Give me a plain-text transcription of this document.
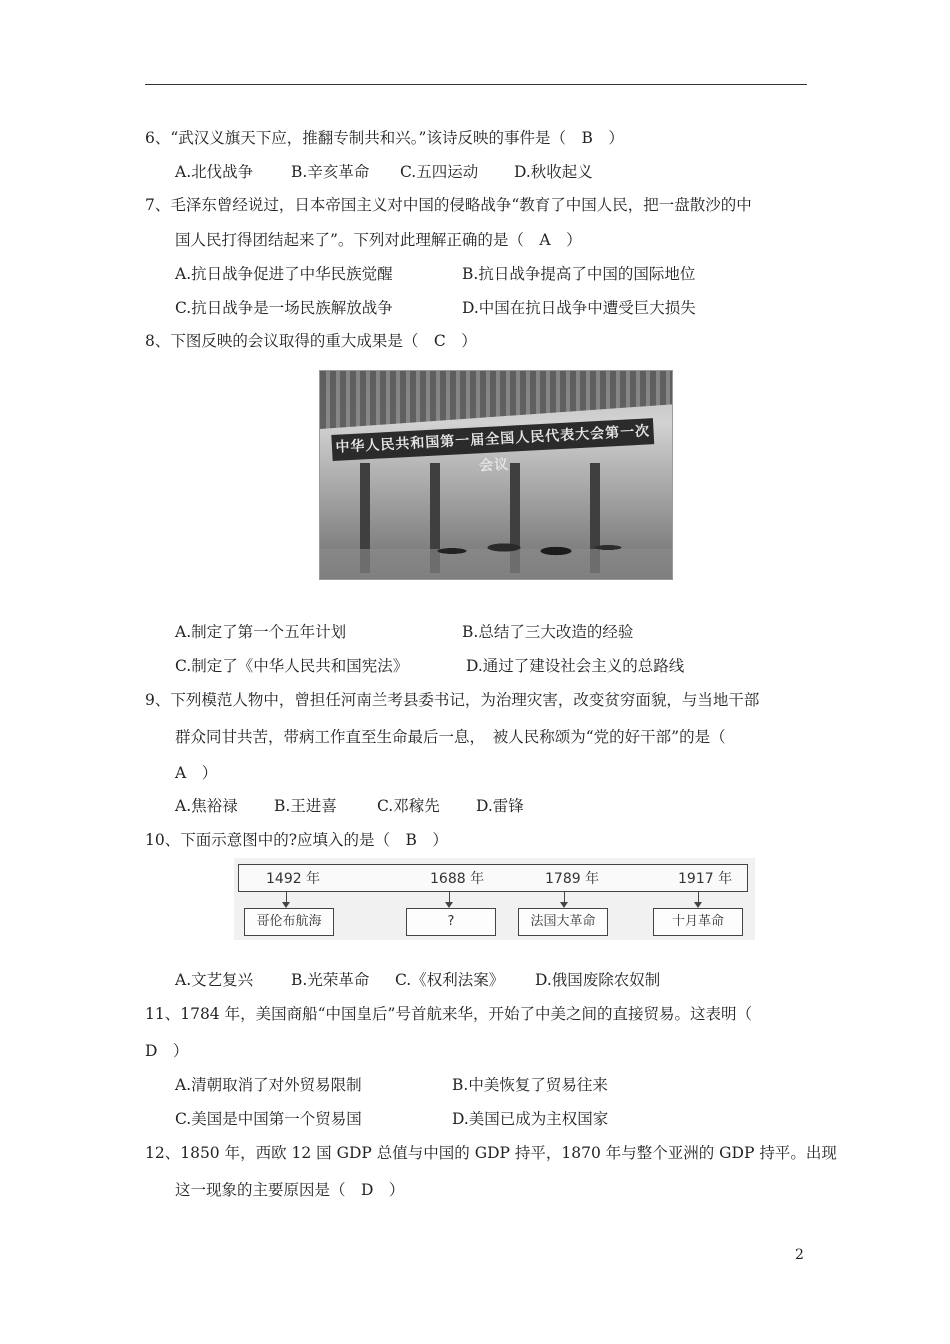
6、“武汉义旗天下应，推翻专制共和兴。”该诗反映的事件是（　B　）
A.北伐战争 B.辛亥革命 C.五四运动 D.秋收起义
7、毛泽东曾经说过，日本帝国主义对中国的侵略战争“教育了中国人民，把一盘散沙的中
国人民打得团结起来了”。下列对此理解正确的是（　A　）
A.抗日战争促进了中华民族觉醒	B.抗日战争提高了中国的国际地位
C.抗日战争是一场民族解放战争	D.中国在抗日战争中遭受巨大损失
8、下图反映的会议取得的重大成果是（　C　）
中华人民共和国第一届全国人民代表大会第一次会议
A.制定了第一个五年计划	B.总结了三大改造的经验
C.制定了《中华人民共和国宪法》	D.通过了建设社会主义的总路线
9、下列模范人物中，曾担任河南兰考县委书记，为治理灾害，改变贫穷面貌，与当地干部
群众同甘共苦，带病工作直至生命最后一息，　被人民称颂为“党的好干部”的是（
A　）
A.焦裕禄 B.王进喜	C.邓稼先 D.雷锋
10、下面示意图中的?应填入的是（　B　）
1492 年	1688 年	1789 年	1917 年
哥伦布航海	?	法国大革命	十月革命
A.文艺复兴 B.光荣革命 C.《权利法案》 D.俄国废除农奴制
11、1784 年，美国商船“中国皇后”号首航来华，开始了中美之间的直接贸易。这表明（
D　）
A.清朝取消了对外贸易限制	B.中美恢复了贸易往来
C.美国是中国第一个贸易国	D.美国已成为主权国家
12、1850 年，西欧 12 国 GDP 总值与中国的 GDP 持平，1870 年与整个亚洲的 GDP 持平。出现
这一现象的主要原因是（　D　）
2
